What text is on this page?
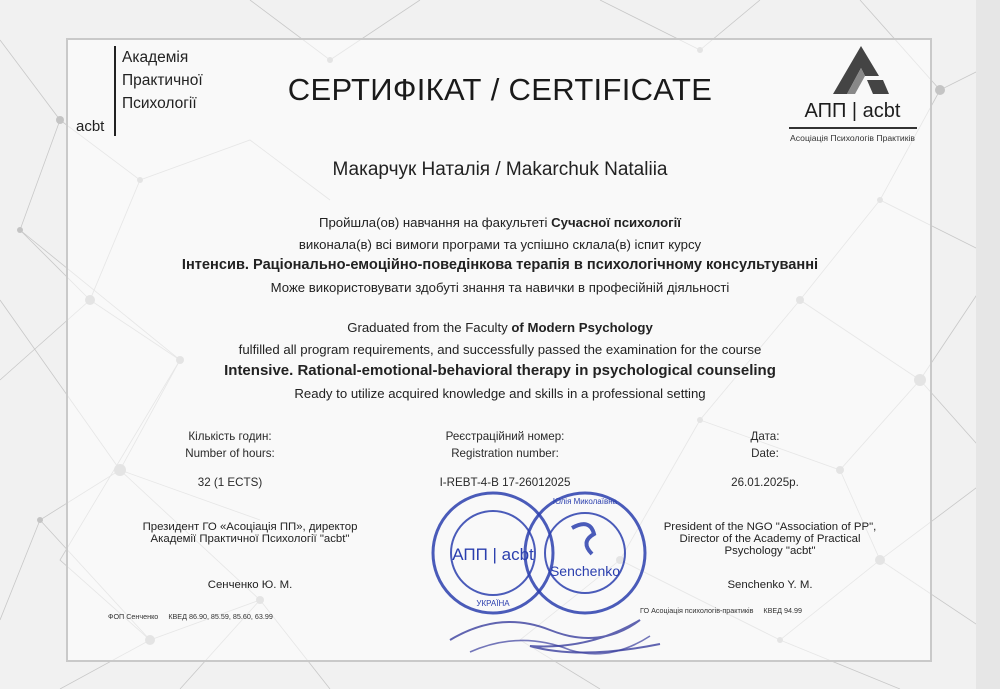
Академія
Практичної
Психології
acbt
СЕРТИФІКАТ / CERTIFICATE
АПП | acbt
Асоціація Психологів Практиків
Макарчук Наталія / Makarchuk Nataliia
Пройшла(ов) навчання на факультеті Сучасної психології
виконала(в) всі вимоги програми та успішно склала(в) іспит курсу
Інтенсив. Раціонально-емоційно-поведінкова терапія в психологічному консультуванні
Може використовувати здобуті знання та навички в професійній діяльності
Graduated from the Faculty of Modern Psychology
fulfilled all program requirements, and successfully passed the examination for the course
Intensive. Rational-emotional-behavioral therapy in psychological counseling
Ready to utilize acquired knowledge and skills in a professional setting
Кількість годин:
Number of hours:
32 (1 ECTS)
Реєстраційний номер:
Registration number:
I-REBT-4-B 17-26012025
Дата:
Date:
26.01.2025р.
Президент ГО «Асоціація ПП», директор
Академії Практичної Психології "acbt"
Сенченко Ю. М.
President of the NGO "Association of PP",
Director of the Academy of Practical
Psychology "acbt"
Senchenko Y. M.
ФОП Сенченко КВЕД 86.90, 85.59, 85.60, 63.99
ГО Асоціація психологів-практиків КВЕД 94.99
АПП | acbt
УКРАЇНА
Senchenko
Юлія Миколаївна
